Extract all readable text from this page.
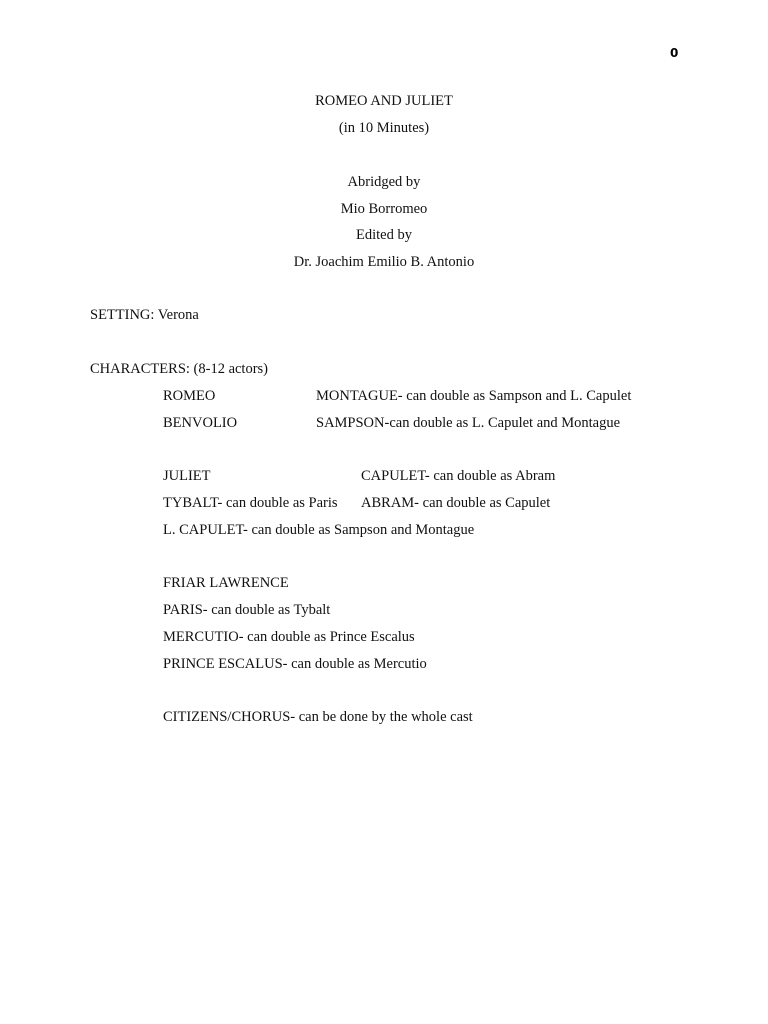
0
ROMEO AND JULIET
(in 10 Minutes)
Abridged by
Mio Borromeo
Edited by
Dr. Joachim Emilio B. Antonio
SETTING: Verona
CHARACTERS: (8-12 actors)
ROMEO	MONTAGUE- can double as Sampson and L. Capulet
BENVOLIO	SAMPSON-can double as L. Capulet and Montague
JULIET	CAPULET- can double as Abram
TYBALT- can double as Paris ABRAM- can double as Capulet
L. CAPULET- can double as Sampson and Montague
FRIAR LAWRENCE
PARIS- can double as Tybalt
MERCUTIO- can double as Prince Escalus
PRINCE ESCALUS- can double as Mercutio
CITIZENS/CHORUS- can be done by the whole cast
